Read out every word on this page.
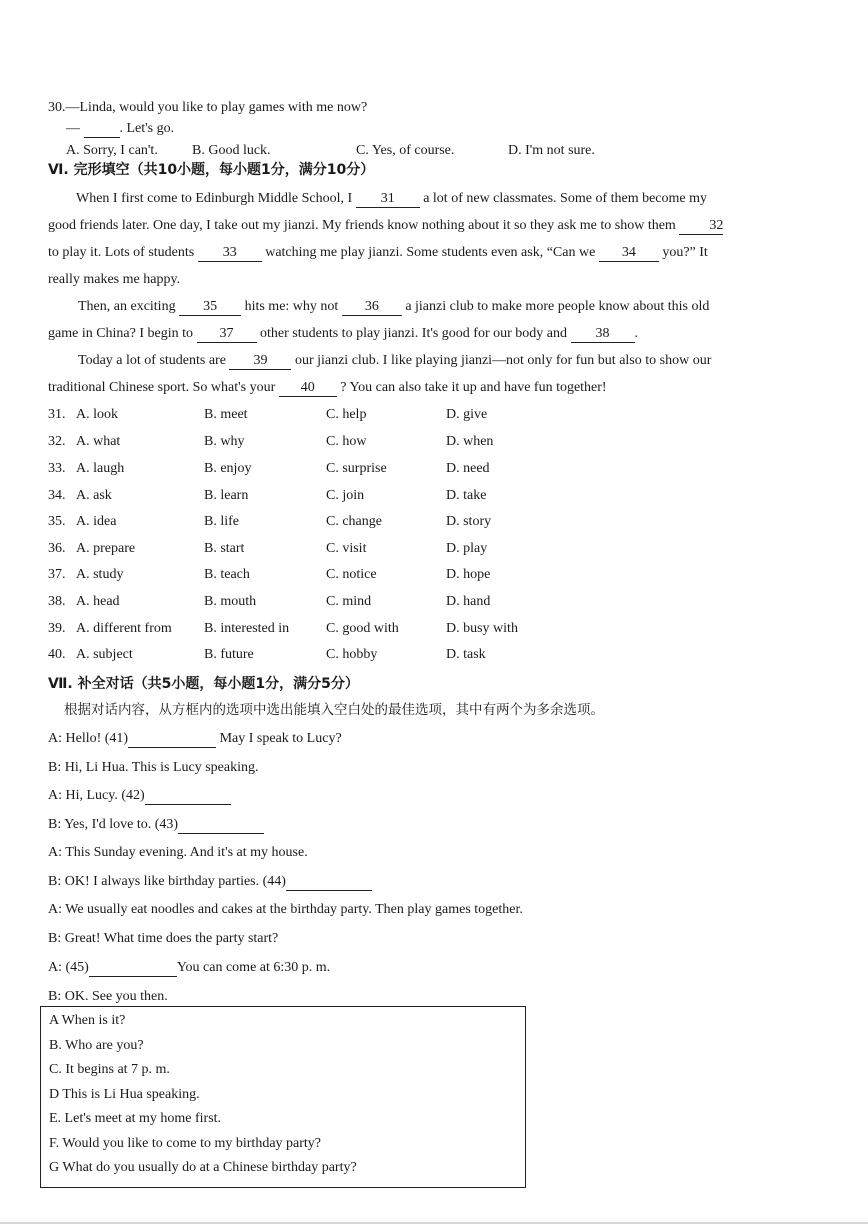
30.—Linda, would you like to play games with me now?
—	. Let's go.
A. Sorry, I can't. B. Good luck.	C. Yes, of course.	D. I'm not sure.
Ⅵ. 完形填空（共10小题，每小题1分，满分10分）
When I first come to Edinburgh Middle School, I 31 a lot of new classmates. Some of them become my
good friends later. One day, I take out my jianzi. My friends know nothing about it so they ask me to show them 32
to play it. Lots of students 33 watching me play jianzi. Some students even ask, “Can we 34 you?” It
really makes me happy.
Then, an exciting 35 hits me: why not 36 a jianzi club to make more people know about this old
game in China? I begin to 37 other students to play jianzi. It's good for our body and 38 .
Today a lot of students are 39 our jianzi club. I like playing jianzi—not only for fun but also to show our
traditional Chinese sport. So what's your 40 ? You can also take it up and have fun together!
31. A. look	B. meet	C. help	D. give
32. A. what	B. why	C. how	D. when
33. A. laugh	B. enjoy	C. surprise	D. need
34. A. ask	B. learn	C. join	D. take
35. A. idea	B. life	C. change	D. story
36. A. prepare	B. start	C. visit	D. play
37. A. study	B. teach	C. notice	D. hope
38. A. head	B. mouth	C. mind	D. hand
39. A. different from B. interested in	C. good with	D. busy with
40. A. subject	B. future	C. hobby	D. task
Ⅶ. 补全对话（共5小题，每小题1分，满分5分）
根据对话内容，从方框内的选项中选出能填入空白处的最佳选项，其中有两个为多余选项。
A: Hello! (41)	May I speak to Lucy?
B: Hi, Li Hua. This is Lucy speaking.
A: Hi, Lucy. (42)
B: Yes, I'd love to. (43)
A: This Sunday evening. And it's at my house.
B: OK! I always like birthday parties. (44)
A: We usually eat noodles and cakes at the birthday party. Then play games together.
B: Great! What time does the party start?
A: (45)	You can come at 6:30 p. m.
B: OK. See you then.
A When is it?
B. Who are you?
C. It begins at 7 p. m.
D This is Li Hua speaking.
E. Let's meet at my home first.
F. Would you like to come to my birthday party?
G What do you usually do at a Chinese birthday party?
